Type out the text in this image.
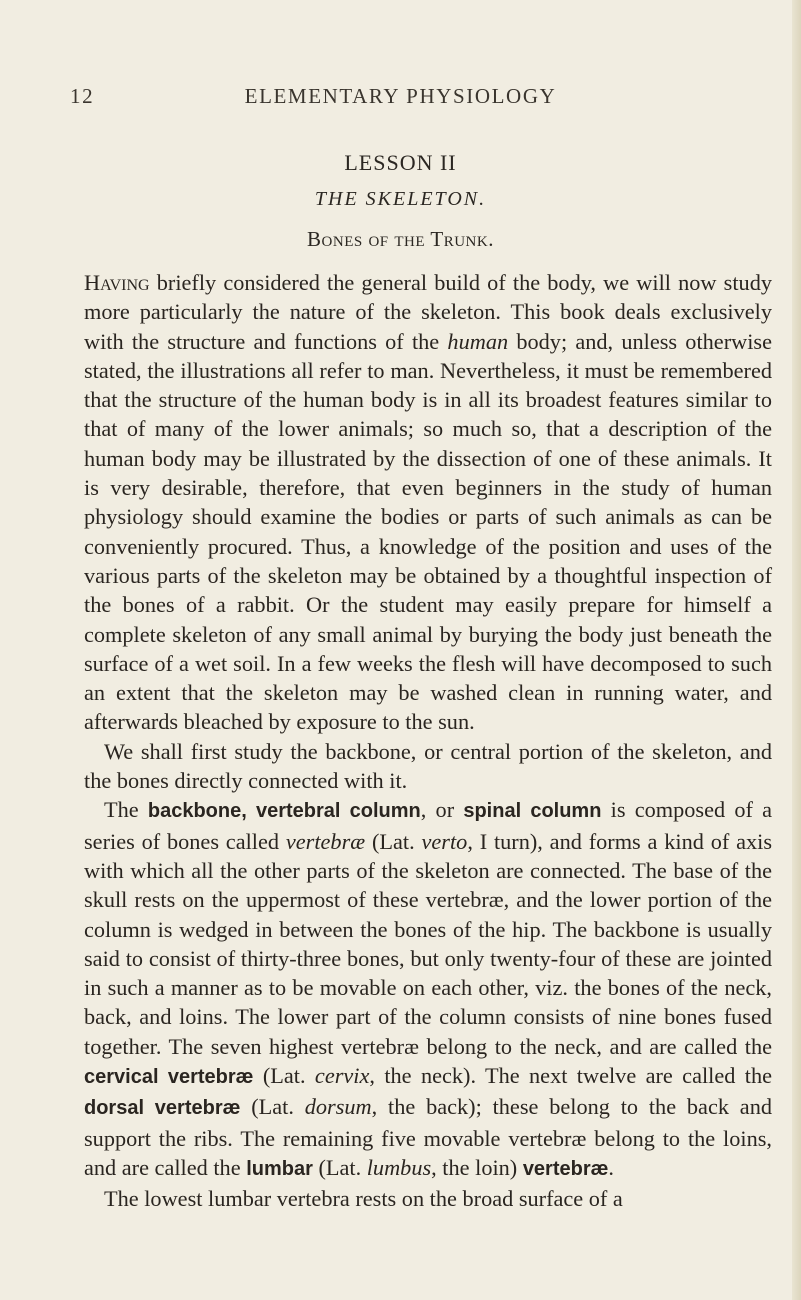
12	ELEMENTARY PHYSIOLOGY
LESSON II
THE SKELETON.
Bones of the Trunk.

Having briefly considered the general build of the body, we will now study more particularly the nature of the skeleton. This book deals exclusively with the structure and functions of the human body; and, unless otherwise stated, the illustrations all refer to man. Nevertheless, it must be remembered that the structure of the human body is in all its broadest features similar to that of many of the lower animals; so much so, that a description of the human body may be illustrated by the dissection of one of these animals. It is very desirable, therefore, that even beginners in the study of human physiology should examine the bodies or parts of such animals as can be conveniently procured. Thus, a knowledge of the position and uses of the various parts of the skeleton may be obtained by a thoughtful inspection of the bones of a rabbit. Or the student may easily prepare for himself a complete skeleton of any small animal by burying the body just beneath the surface of a wet soil. In a few weeks the flesh will have decomposed to such an extent that the skeleton may be washed clean in running water, and afterwards bleached by exposure to the sun.

We shall first study the backbone, or central portion of the skeleton, and the bones directly connected with it.

The backbone, vertebral column, or spinal column is composed of a series of bones called vertebræ (Lat. verto, I turn), and forms a kind of axis with which all the other parts of the skeleton are connected. The base of the skull rests on the uppermost of these vertebræ, and the lower portion of the column is wedged in between the bones of the hip. The backbone is usually said to consist of thirty-three bones, but only twenty-four of these are jointed in such a manner as to be movable on each other, viz. the bones of the neck, back, and loins. The lower part of the column consists of nine bones fused together. The seven highest vertebræ belong to the neck, and are called the cervical vertebræ (Lat. cervix, the neck). The next twelve are called the dorsal vertebræ (Lat. dorsum, the back); these belong to the back and support the ribs. The remaining five movable vertebræ belong to the loins, and are called the lumbar (Lat. lumbus, the loin) vertebræ.

The lowest lumbar vertebra rests on the broad surface of a
